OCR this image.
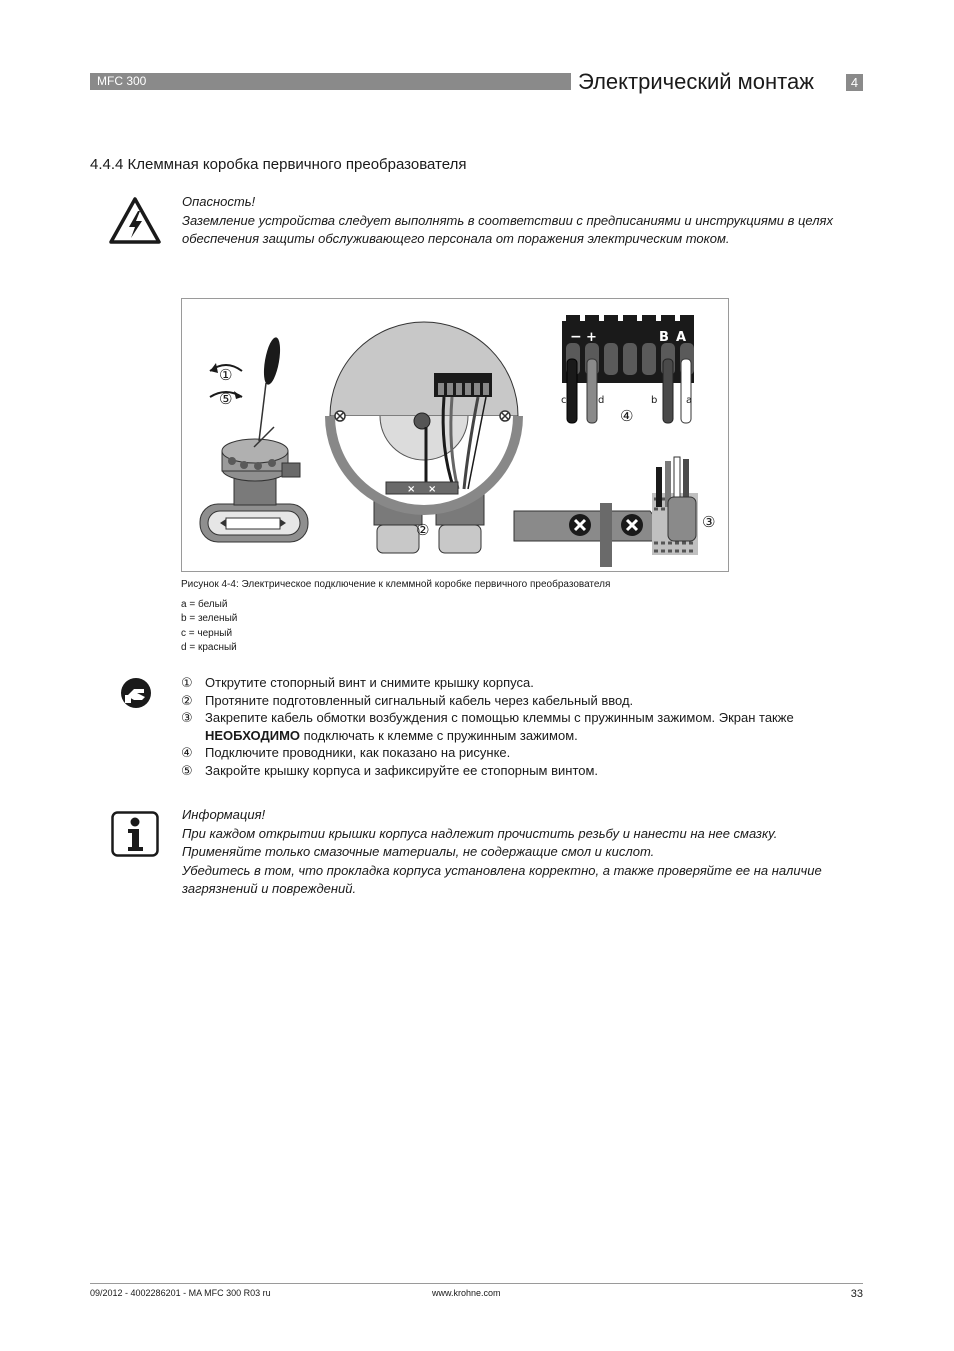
MFC 300	Электрический монтаж	4
4.4.4 Клеммная коробка первичного преобразователя
Опасность!
Заземление устройства следует выполнять в соответствии с предписаниями и инструкциями в целях обеспечения защиты обслуживающего персонала от поражения электрическим током.
①
⑤
× ×
②
− +	B A
c	d	b	a
④
③
Рисунок 4-4: Электрическое подключение к клеммной коробке первичного преобразователя
a = белый
b = зеленый
c = черный
d = красный
① Открутите стопорный винт и снимите крышку корпуса.
② Протяните подготовленный сигнальный кабель через кабельный ввод.
③ Закрепите кабель обмотки возбуждения с помощью клеммы с пружинным зажимом. Экран также НЕОБХОДИМО подключать к клемме с пружинным зажимом.
④ Подключите проводники, как показано на рисунке.
⑤ Закройте крышку корпуса и зафиксируйте ее стопорным винтом.
Информация!
При каждом открытии крышки корпуса надлежит прочистить резьбу и нанести на нее смазку.
Применяйте только смазочные материалы, не содержащие смол и кислот.
Убедитесь в том, что прокладка корпуса установлена корректно, а также проверяйте ее на наличие загрязнений и повреждений.
09/2012 - 4002286201 - MA MFC 300 R03 ru	www.krohne.com	33
